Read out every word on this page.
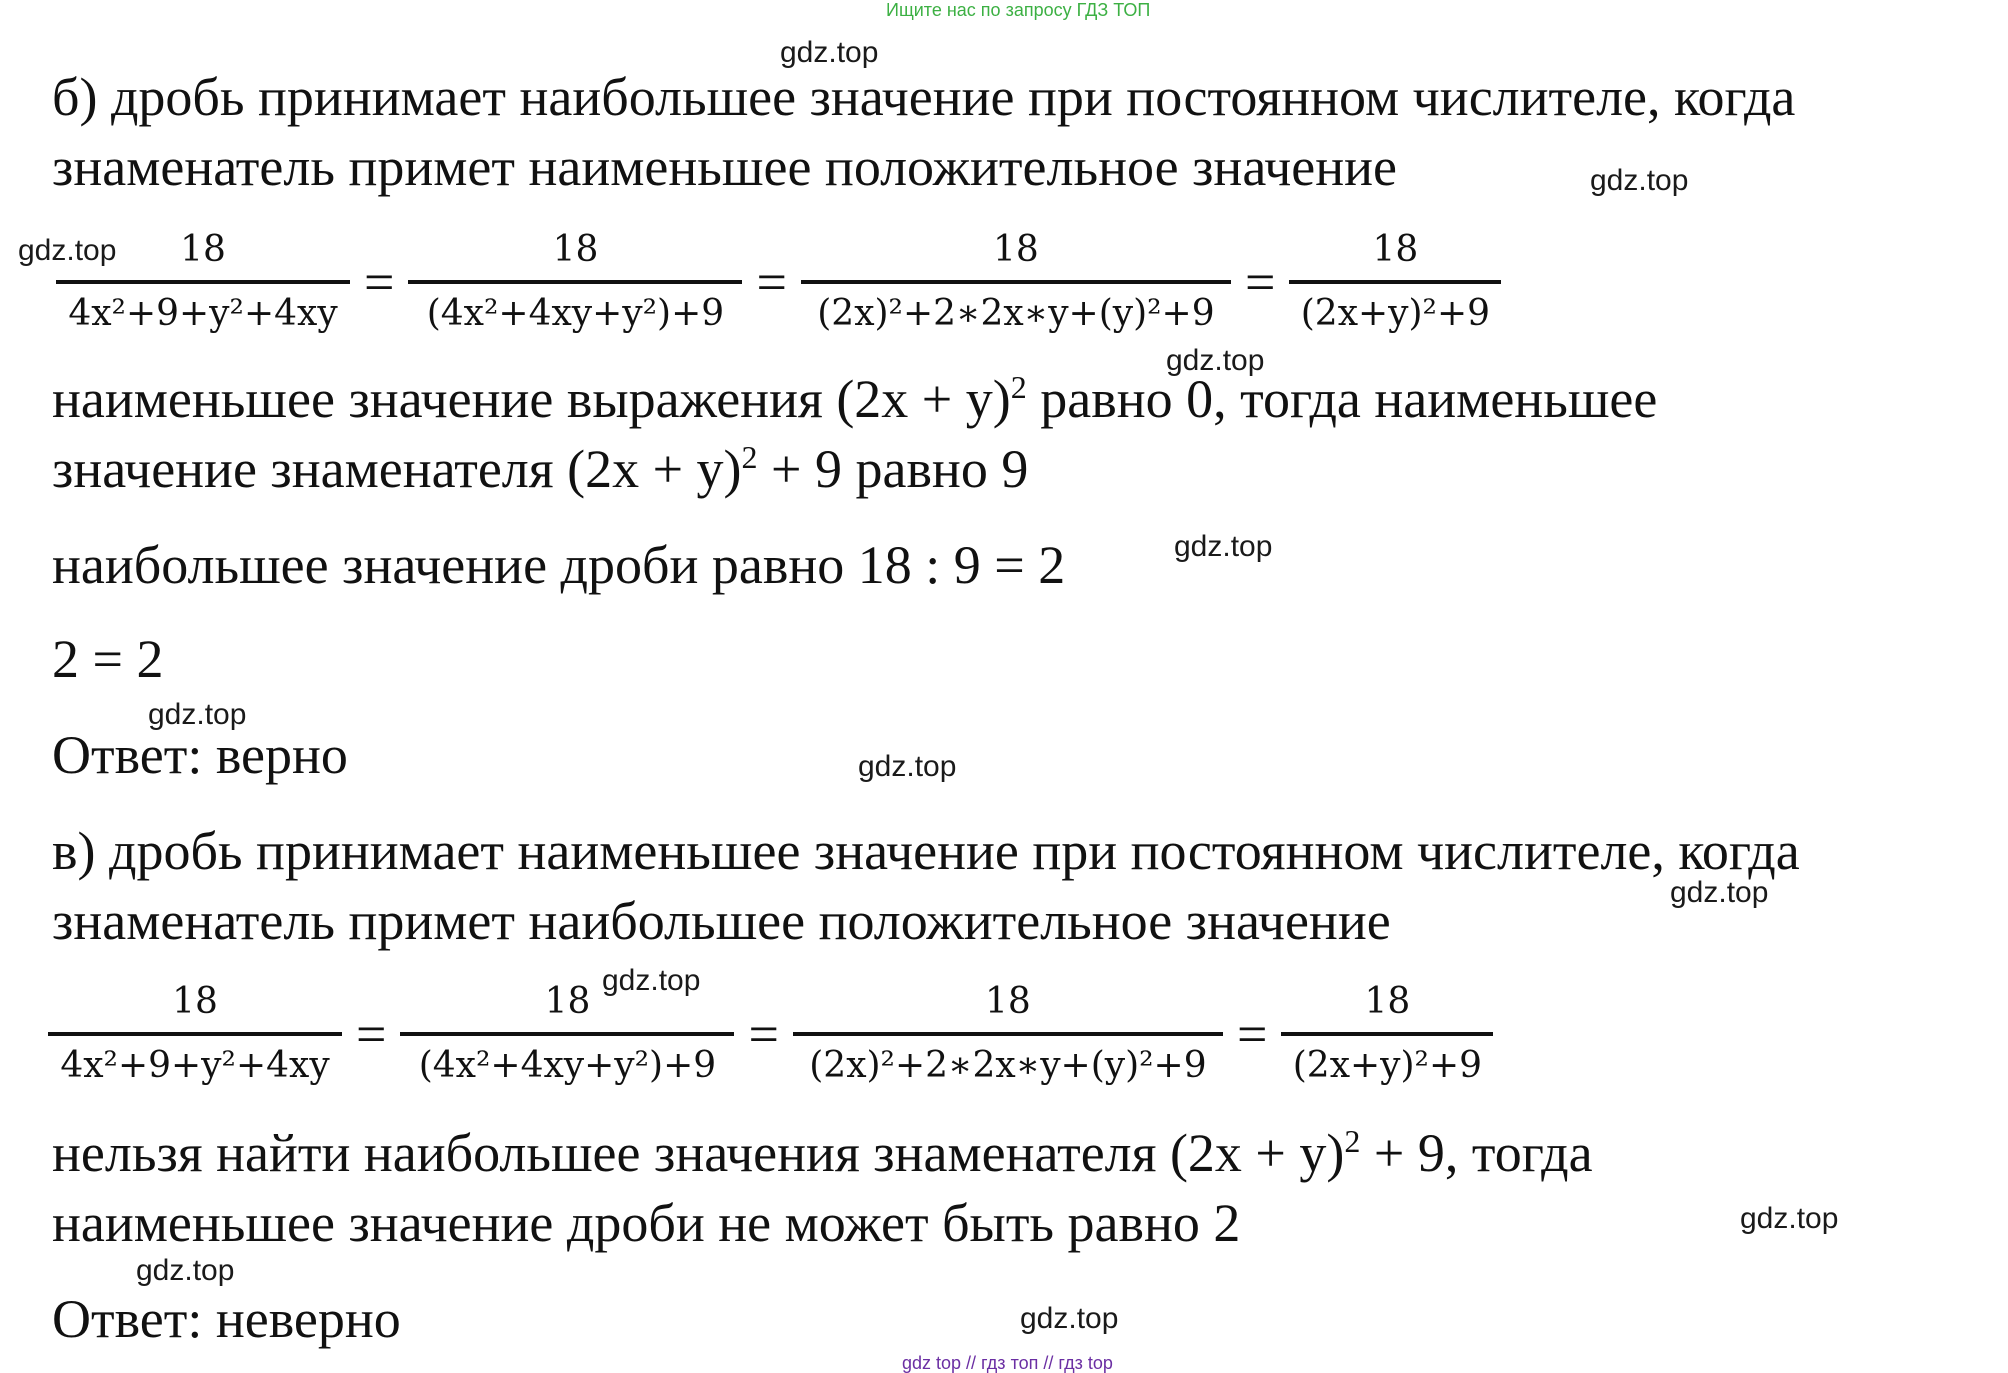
Ищите нас по запросу ГДЗ ТОП
gdz top // гдз топ // гдз top
gdz.top
gdz.top
gdz.top
gdz.top
gdz.top
gdz.top
gdz.top
gdz.top
gdz.top
gdz.top
gdz.top
gdz.top
б) дробь принимает наибольшее значение при постоянном числителе, когда
знаменатель примет наименьшее положительное значение
$\frac{18}{\text{4x²+9+y²+4xy}} = \frac{18}{\text{(4x²+4xy+y²)+9}} = \frac{18}{\text{(2x)²+2∗2x∗y+(y)²+9}} = \frac{18}{\text{(2x+y)²+9}}$
наименьшее значение выражения $(2x + y)^2$ равно 0, тогда наименьшее
значение знаменателя $(2x + y)^2 + 9$ равно 9
наибольшее значение дроби равно 18 : 9 = 2
2 = 2
Ответ: верно
в) дробь принимает наименьшее значение при постоянном числителе, когда
знаменатель примет наибольшее положительное значение
$\frac{18}{\text{4x²+9+y²+4xy}} = \frac{18}{\text{(4x²+4xy+y²)+9}} = \frac{18}{\text{(2x)²+2∗2x∗y+(y)²+9}} = \frac{18}{\text{(2x+y)²+9}}$
нельзя найти наибольшее значения знаменателя $(2x + y)^2 + 9$, тогда
наименьшее значение дроби не может быть равно 2
Ответ: неверно
